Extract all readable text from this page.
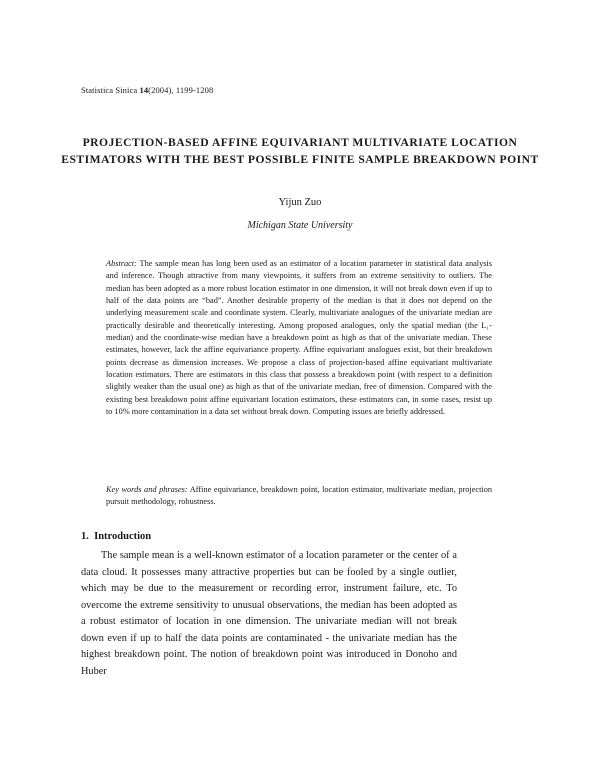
Statistica Sinica 14(2004), 1199-1208
PROJECTION-BASED AFFINE EQUIVARIANT MULTIVARIATE LOCATION ESTIMATORS WITH THE BEST POSSIBLE FINITE SAMPLE BREAKDOWN POINT
Yijun Zuo
Michigan State University
Abstract: The sample mean has long been used as an estimator of a location parameter in statistical data analysis and inference. Though attractive from many viewpoints, it suffers from an extreme sensitivity to outliers. The median has been adopted as a more robust location estimator in one dimension, it will not break down even if up to half of the data points are “bad”. Another desirable property of the median is that it does not depend on the underlying measurement scale and coordinate system. Clearly, multivariate analogues of the univariate median are practically desirable and theoretically interesting. Among proposed analogues, only the spatial median (the L₁-median) and the coordinate-wise median have a breakdown point as high as that of the univariate median. These estimates, however, lack the affine equivariance property. Affine equivariant analogues exist, but their breakdown points decrease as dimension increases. We propose a class of projection-based affine equivariant multivariate location estimators. There are estimators in this class that possess a breakdown point (with respect to a definition slightly weaker than the usual one) as high as that of the univariate median, free of dimension. Compared with the existing best breakdown point affine equivariant location estimators, these estimators can, in some cases, resist up to 10% more contamination in a data set without break down. Computing issues are briefly addressed.
Key words and phrases: Affine equivariance, breakdown point, location estimator, multivariate median, projection pursuit methodology, robustness.
1. Introduction
The sample mean is a well-known estimator of a location parameter or the center of a data cloud. It possesses many attractive properties but can be fooled by a single outlier, which may be due to the measurement or recording error, instrument failure, etc. To overcome the extreme sensitivity to unusual observations, the median has been adopted as a robust estimator of location in one dimension. The univariate median will not break down even if up to half the data points are contaminated - the univariate median has the highest breakdown point. The notion of breakdown point was introduced in Donoho and Huber
